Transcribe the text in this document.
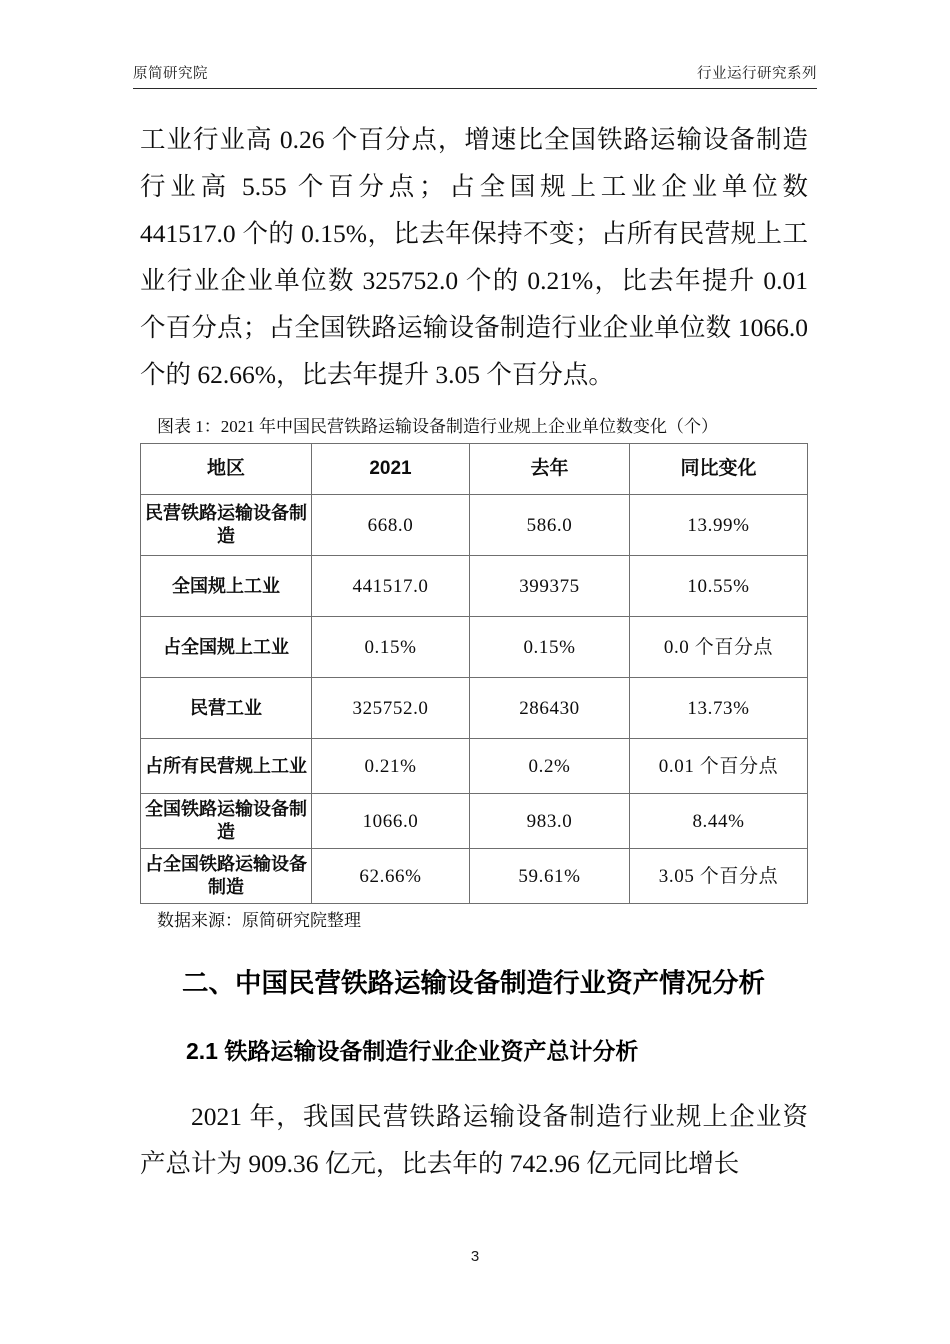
原简研究院	行业运行研究系列

工业行业高 0.26 个百分点，增速比全国铁路运输设备制造行业高 5.55 个百分点；占全国规上工业企业单位数 441517.0 个的 0.15%，比去年保持不变；占所有民营规上工业行业企业单位数 325752.0 个的 0.21%，比去年提升 0.01 个百分点；占全国铁路运输设备制造行业企业单位数 1066.0 个的 62.66%，比去年提升 3.05 个百分点。

图表 1：2021 年中国民营铁路运输设备制造行业规上企业单位数变化（个）
地区	2021	去年	同比变化
民营铁路运输设备制造	668.0	586.0	13.99%
全国规上工业	441517.0	399375	10.55%
占全国规上工业	0.15%	0.15%	0.0 个百分点
民营工业	325752.0	286430	13.73%
占所有民营规上工业	0.21%	0.2%	0.01 个百分点
全国铁路运输设备制造	1066.0	983.0	8.44%
占全国铁路运输设备制造	62.66%	59.61%	3.05 个百分点
数据来源：原简研究院整理
二、中国民营铁路运输设备制造行业资产情况分析
2.1 铁路运输设备制造行业企业资产总计分析

2021 年，我国民营铁路运输设备制造行业规上企业资产总计为 909.36 亿元，比去年的 742.96 亿元同比增长

3
